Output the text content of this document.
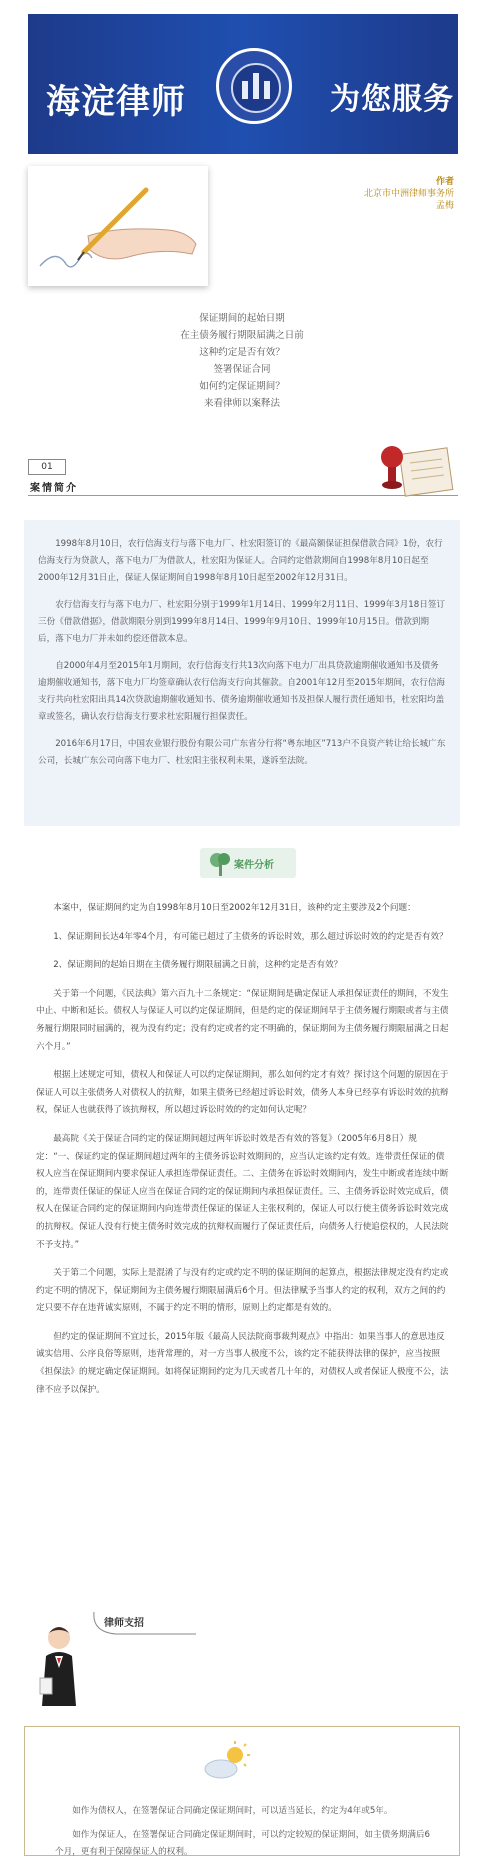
海淀律师	为您服务
作者
北京市中洲律师事务所
孟梅
保证期间的起始日期
在主债务履行期限届满之日前
这种约定是否有效？
签署保证合同
如何约定保证期间？
来看律师以案释法
01
案情简介

1998年8月10日，农行信海支行与落下电力厂、杜宏阳签订的《最高额保证担保借款合同》1份，农行信海支行为贷款人，落下电力厂为借款人，杜宏阳为保证人。合同约定借款期间自1998年8月10日起至2000年12月31日止，保证人保证期间自1998年8月10日起至2002年12月31日。

农行信海支行与落下电力厂、杜宏阳分别于1999年1月14日、1999年2月11日、1999年3月18日签订三份《借款借据》，借款期限分别到1999年8月14日、1999年9月10日、1999年10月15日。借款到期后，落下电力厂并未如约偿还借款本息。

自2000年4月至2015年1月期间，农行信海支行共13次向落下电力厂出具贷款逾期催收通知书及债务逾期催收通知书，落下电力厂均签章确认农行信海支行向其催款。自2001年12月至2015年期间，农行信海支行共向杜宏阳出具14次贷款逾期催收通知书、债务逾期催收通知书及担保人履行责任通知书，杜宏阳均盖章或签名，确认农行信海支行要求杜宏阳履行担保责任。

2016年6月17日，中国农业银行股份有限公司广东省分行将“粤东地区”713户不良资产转让给长城广东公司，长城广东公司向落下电力厂、杜宏阳主张权利未果，遂诉至法院。

案件分析

本案中，保证期间约定为自1998年8月10日至2002年12月31日，该种约定主要涉及2个问题：

1、保证期间长达4年零4个月，有可能已超过了主债务的诉讼时效，那么超过诉讼时效的约定是否有效？

2、保证期间的起始日期在主债务履行期限届满之日前，这种约定是否有效？

关于第一个问题，《民法典》第六百九十二条规定：“保证期间是确定保证人承担保证责任的期间，不发生中止、中断和延长。债权人与保证人可以约定保证期间，但是约定的保证期间早于主债务履行期限或者与主债务履行期限同时届满的，视为没有约定；没有约定或者约定不明确的，保证期间为主债务履行期限届满之日起六个月。”

根据上述规定可知，债权人和保证人可以约定保证期间，那么如何约定才有效？探讨这个问题的原因在于保证人可以主张债务人对债权人的抗辩，如果主债务已经超过诉讼时效，债务人本身已经享有诉讼时效的抗辩权，保证人也就获得了该抗辩权，所以超过诉讼时效的约定如何认定呢？

最高院《关于保证合同约定的保证期间超过两年诉讼时效是否有效的答复》（2005年6月8日）规定：“一、保证约定的保证期间超过两年的主债务诉讼时效期间的，应当认定该约定有效。连带责任保证的债权人应当在保证期间内要求保证人承担连带保证责任。二、主债务在诉讼时效期间内，发生中断或者连续中断的，连带责任保证的保证人应当在保证合同约定的保证期间内承担保证责任。三、主债务诉讼时效完成后，债权人在保证合同约定的保证期间内向连带责任保证的保证人主张权利的，保证人可以行使主债务诉讼时效完成的抗辩权。保证人没有行使主债务时效完成的抗辩权而履行了保证责任后，向债务人行使追偿权的，人民法院不予支持。”

关于第二个问题，实际上是混淆了与没有约定或约定不明的保证期间的起算点，根据法律规定没有约定或约定不明的情况下，保证期间为主债务履行期限届满后6个月。但法律赋予当事人约定的权利，双方之间的约定只要不存在违背诚实原则，不属于约定不明的情形，原则上约定都是有效的。

但约定的保证期间不宜过长，2015年版《最高人民法院商事裁判观点》中指出：如果当事人的意思违反诚实信用、公序良俗等原则，违背常理的，对一方当事人极度不公，该约定不能获得法律的保护，应当按照《担保法》的规定确定保证期间。如将保证期间约定为几天或者几十年的，对债权人或者保证人极度不公，法律不应予以保护。

律师支招

如作为债权人，在签署保证合同确定保证期间时，可以适当延长，约定为4年或5年。

如作为保证人，在签署保证合同确定保证期间时，可以约定较短的保证期间，如主债务期满后6个月，更有利于保障保证人的权利。
